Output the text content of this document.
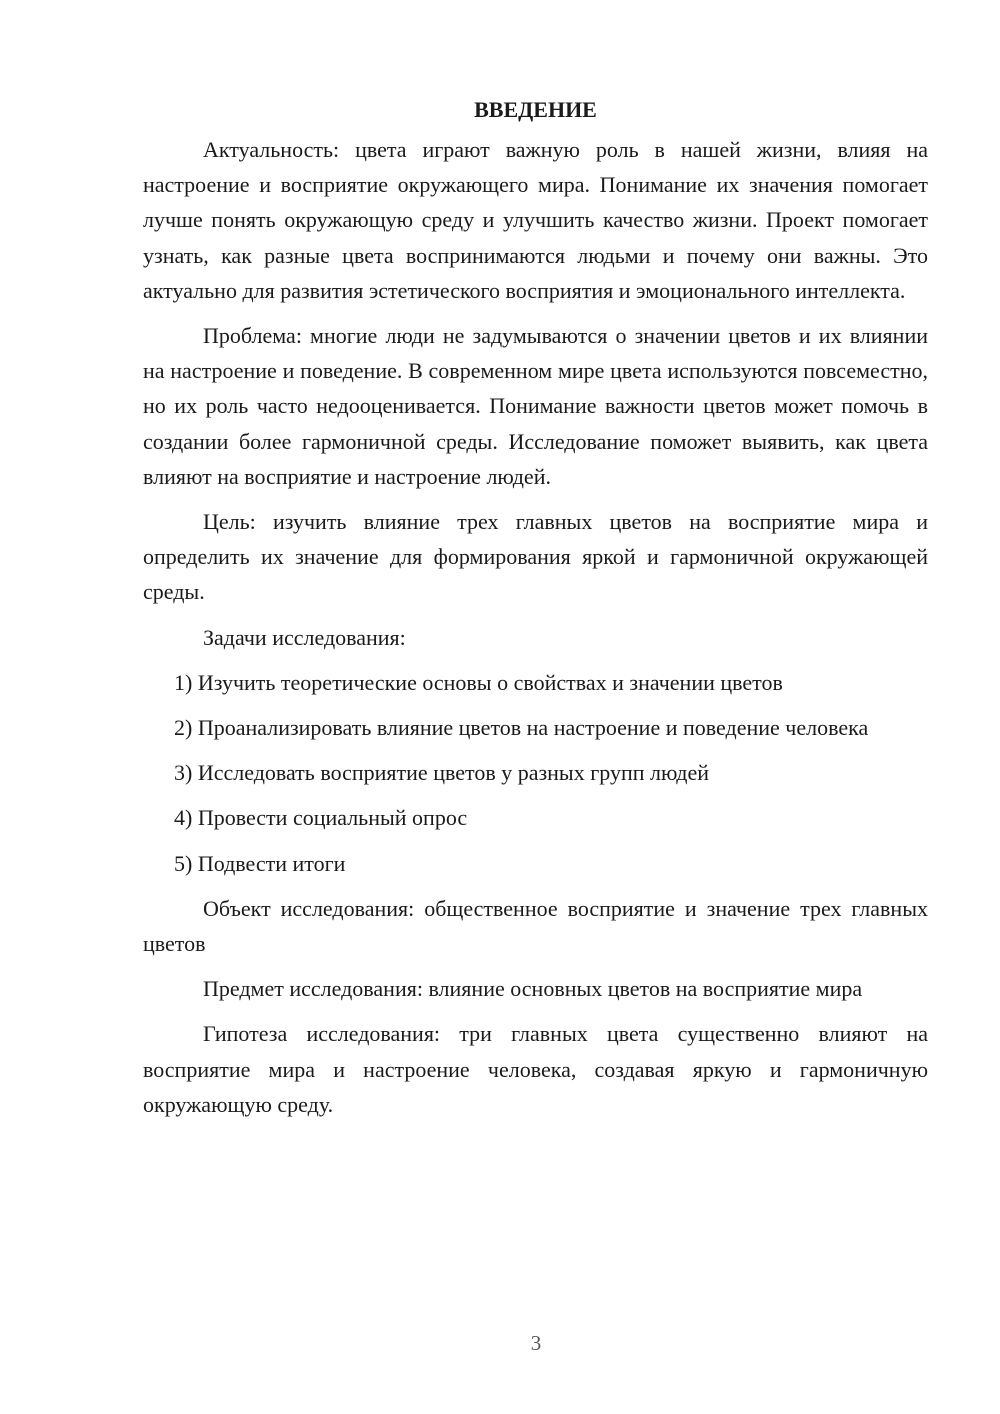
ВВЕДЕНИЕ

Актуальность: цвета играют важную роль в нашей жизни, влияя на настроение и восприятие окружающего мира. Понимание их значения помогает лучше понять окружающую среду и улучшить качество жизни. Проект помогает узнать, как разные цвета воспринимаются людьми и почему они важны. Это актуально для развития эстетического восприятия и эмоционального интеллекта.

Проблема: многие люди не задумываются о значении цветов и их влиянии на настроение и поведение. В современном мире цвета используются повсеместно, но их роль часто недооценивается. Понимание важности цветов может помочь в создании более гармоничной среды. Исследование поможет выявить, как цвета влияют на восприятие и настроение людей.

Цель: изучить влияние трех главных цветов на восприятие мира и определить их значение для формирования яркой и гармоничной окружающей среды.

Задачи исследования:

1) Изучить теоретические основы о свойствах и значении цветов

2) Проанализировать влияние цветов на настроение и поведение человека

3) Исследовать восприятие цветов у разных групп людей

4) Провести социальный опрос

5) Подвести итоги

Объект исследования: общественное восприятие и значение трех главных цветов

Предмет исследования: влияние основных цветов на восприятие мира

Гипотеза исследования: три главных цвета существенно влияют на восприятие мира и настроение человека, создавая яркую и гармоничную окружающую среду.

3
